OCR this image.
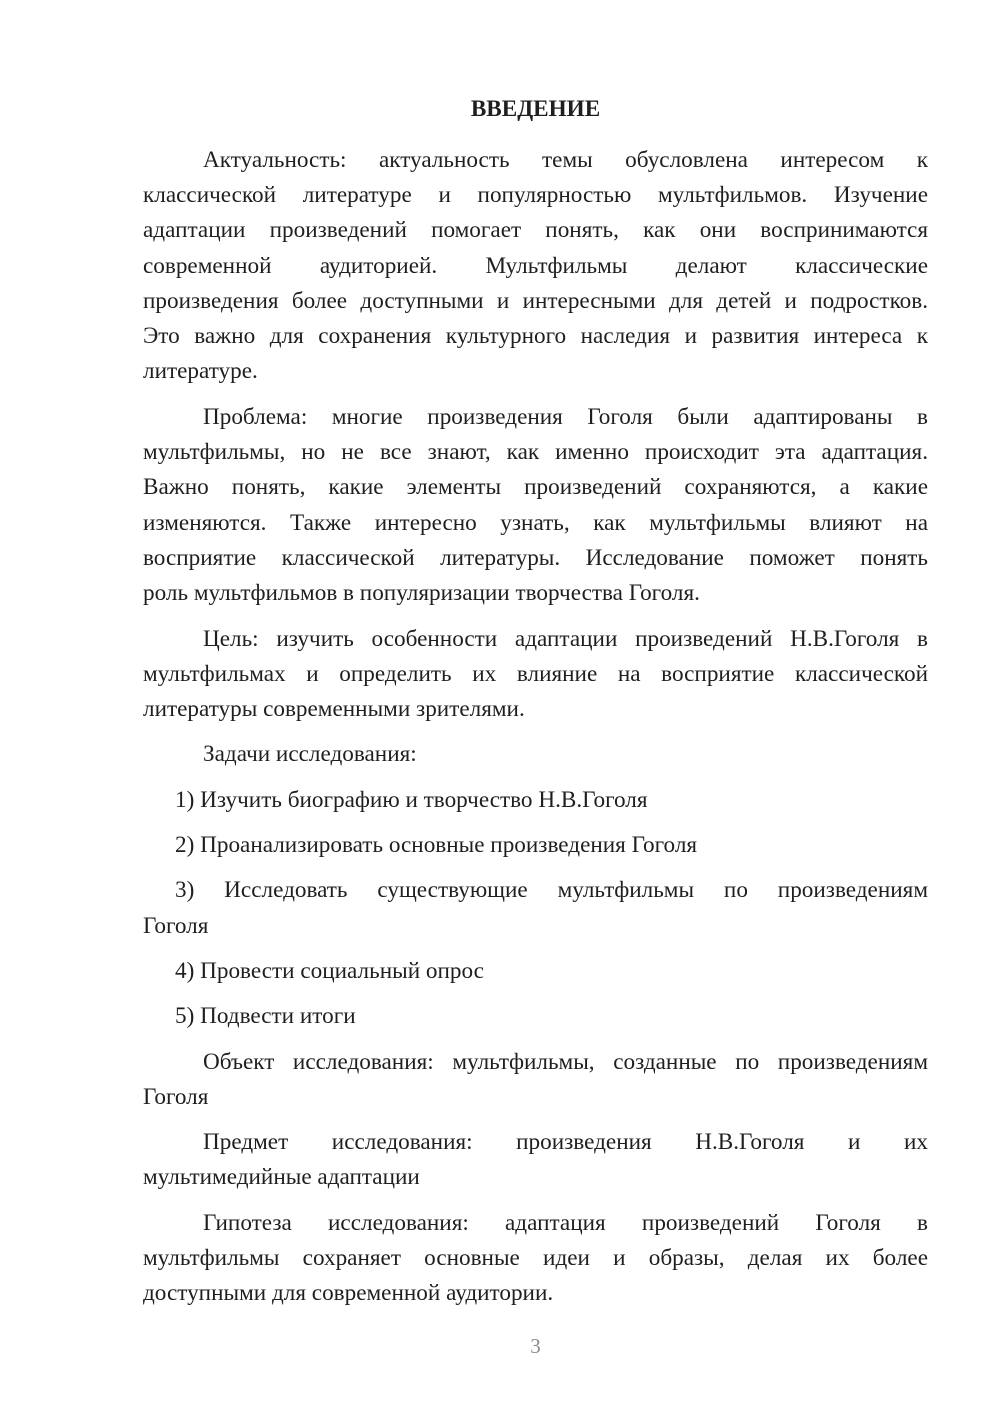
ВВЕДЕНИЕ
Актуальность: актуальность темы обусловлена интересом к
классической литературе и популярностью мультфильмов. Изучение
адаптации произведений помогает понять, как они воспринимаются
современной аудиторией. Мультфильмы делают классические
произведения более доступными и интересными для детей и подростков.
Это важно для сохранения культурного наследия и развития интереса к
литературе.
Проблема: многие произведения Гоголя были адаптированы в
мультфильмы, но не все знают, как именно происходит эта адаптация.
Важно понять, какие элементы произведений сохраняются, а какие
изменяются. Также интересно узнать, как мультфильмы влияют на
восприятие классической литературы. Исследование поможет понять
роль мультфильмов в популяризации творчества Гоголя.
Цель: изучить особенности адаптации произведений Н.В.Гоголя в
мультфильмах и определить их влияние на восприятие классической
литературы современными зрителями.
Задачи исследования:
1) Изучить биографию и творчество Н.В.Гоголя
2) Проанализировать основные произведения Гоголя
3) Исследовать существующие мультфильмы по произведениям
Гоголя
4) Провести социальный опрос
5) Подвести итоги
Объект исследования: мультфильмы, созданные по произведениям
Гоголя
Предмет исследования: произведения Н.В.Гоголя и их
мультимедийные адаптации
Гипотеза исследования: адаптация произведений Гоголя в
мультфильмы сохраняет основные идеи и образы, делая их более
доступными для современной аудитории.
3
